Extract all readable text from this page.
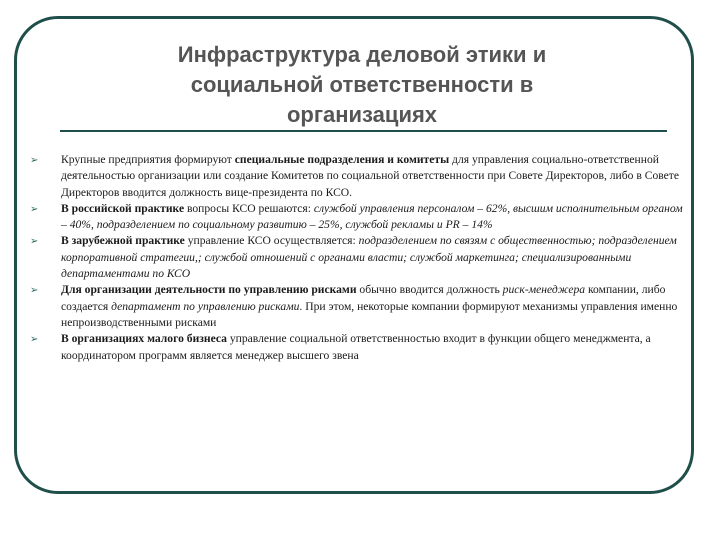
Инфраструктура деловой этики и
социальной ответственности в
организациях
➢ Крупные предприятия формируют специальные подразделения и комитеты для управления социально-ответственной деятельностью организации или создание Комитетов по социальной ответственности при Совете Директоров, либо в Совете Директоров вводится должность вице-президента по КСО.
➢ В российской практике вопросы КСО решаются: службой управления персоналом – 62%, высшим исполнительным органом – 40%, подразделением по социальному развитию – 25%, службой рекламы и PR – 14%
➢ В зарубежной практике управление КСО осуществляется: подразделением по связям с общественностью; подразделением корпоративной стратегии,; службой отношений с органами власти; службой маркетинга; специализированными департаментами по КСО
➢ Для организации деятельности по управлению рисками обычно вводится должность риск-менеджера компании, либо создается департамент по управлению рисками. При этом, некоторые компании формируют механизмы управления именно непроизводственными рисками
➢ В организациях малого бизнеса управление социальной ответственностью входит в функции общего менеджмента, а координатором программ является менеджер высшего звена
